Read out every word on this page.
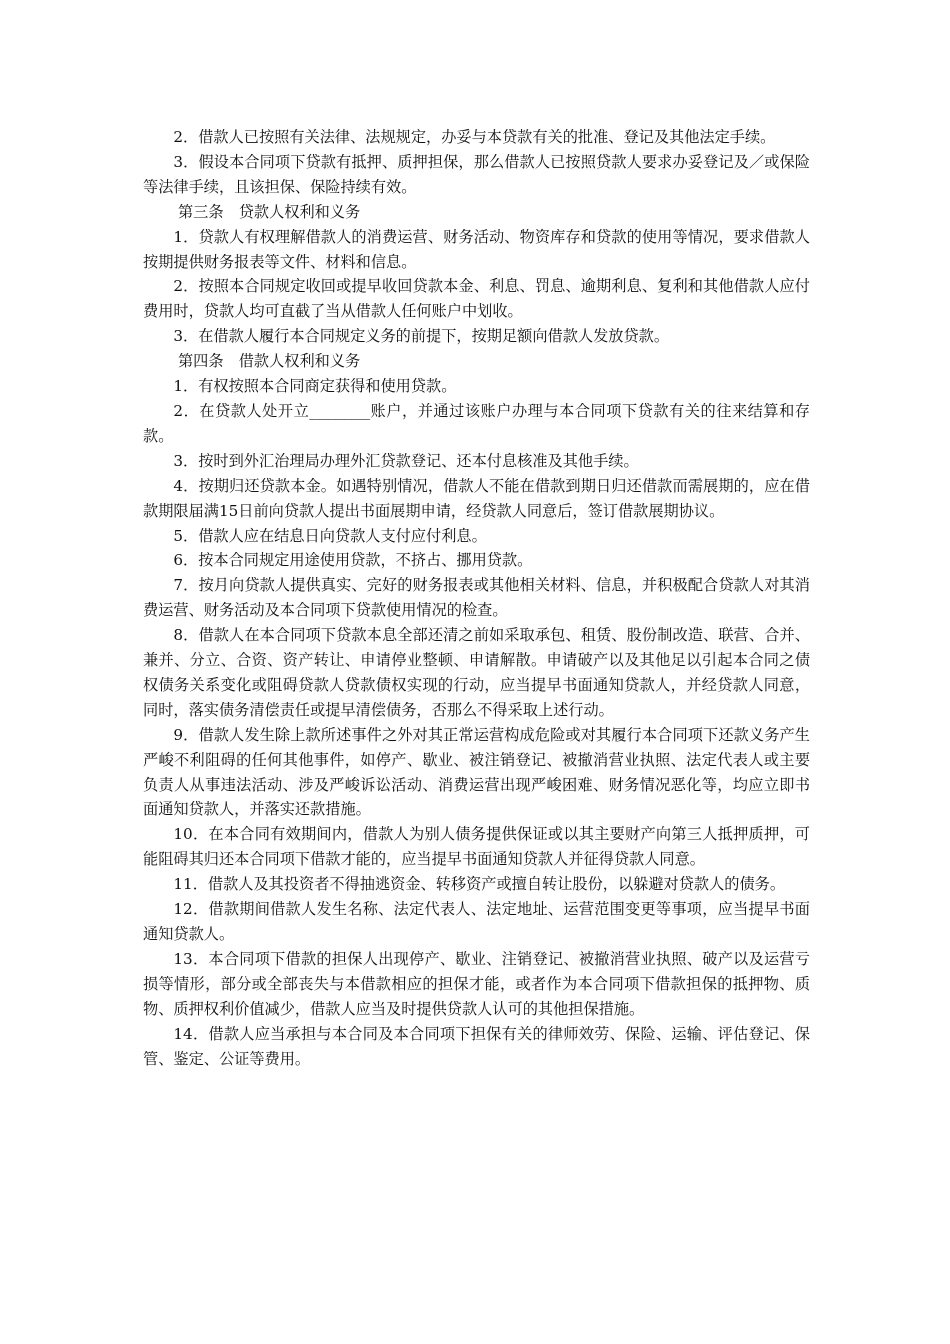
2．借款人已按照有关法律、法规规定，办妥与本贷款有关的批准、登记及其他法定手续。

3．假设本合同项下贷款有抵押、质押担保，那么借款人已按照贷款人要求办妥登记及／或保险等法律手续，且该担保、保险持续有效。

第三条　贷款人权利和义务

1．贷款人有权理解借款人的消费运营、财务活动、物资库存和贷款的使用等情况，要求借款人按期提供财务报表等文件、材料和信息。

2．按照本合同规定收回或提早收回贷款本金、利息、罚息、逾期利息、复利和其他借款人应付费用时，贷款人均可直截了当从借款人任何账户中划收。

3．在借款人履行本合同规定义务的前提下，按期足额向借款人发放贷款。

第四条　借款人权利和义务

1．有权按照本合同商定获得和使用贷款。

2．在贷款人处开立________账户，并通过该账户办理与本合同项下贷款有关的往来结算和存款。

3．按时到外汇治理局办理外汇贷款登记、还本付息核准及其他手续。

4．按期归还贷款本金。如遇特别情况，借款人不能在借款到期日归还借款而需展期的，应在借款期限届满15日前向贷款人提出书面展期申请，经贷款人同意后，签订借款展期协议。

5．借款人应在结息日向贷款人支付应付利息。

6．按本合同规定用途使用贷款，不挤占、挪用贷款。

7．按月向贷款人提供真实、完好的财务报表或其他相关材料、信息，并积极配合贷款人对其消费运营、财务活动及本合同项下贷款使用情况的检查。

8．借款人在本合同项下贷款本息全部还清之前如采取承包、租赁、股份制改造、联营、合并、兼并、分立、合资、资产转让、申请停业整顿、申请解散。申请破产以及其他足以引起本合同之债权债务关系变化或阻碍贷款人贷款债权实现的行动，应当提早书面通知贷款人，并经贷款人同意，同时，落实债务清偿责任或提早清偿债务，否那么不得采取上述行动。

9．借款人发生除上款所述事件之外对其正常运营构成危险或对其履行本合同项下还款义务产生严峻不利阻碍的任何其他事件，如停产、歇业、被注销登记、被撤消营业执照、法定代表人或主要负责人从事违法活动、涉及严峻诉讼活动、消费运营出现严峻困难、财务情况恶化等，均应立即书面通知贷款人，并落实还款措施。

10．在本合同有效期间内，借款人为别人债务提供保证或以其主要财产向第三人抵押质押，可能阻碍其归还本合同项下借款才能的，应当提早书面通知贷款人并征得贷款人同意。

11．借款人及其投资者不得抽逃资金、转移资产或擅自转让股份，以躲避对贷款人的债务。

12．借款期间借款人发生名称、法定代表人、法定地址、运营范围变更等事项，应当提早书面通知贷款人。

13．本合同项下借款的担保人出现停产、歇业、注销登记、被撤消营业执照、破产以及运营亏损等情形，部分或全部丧失与本借款相应的担保才能，或者作为本合同项下借款担保的抵押物、质物、质押权利价值减少，借款人应当及时提供贷款人认可的其他担保措施。

14．借款人应当承担与本合同及本合同项下担保有关的律师效劳、保险、运输、评估登记、保管、鉴定、公证等费用。
